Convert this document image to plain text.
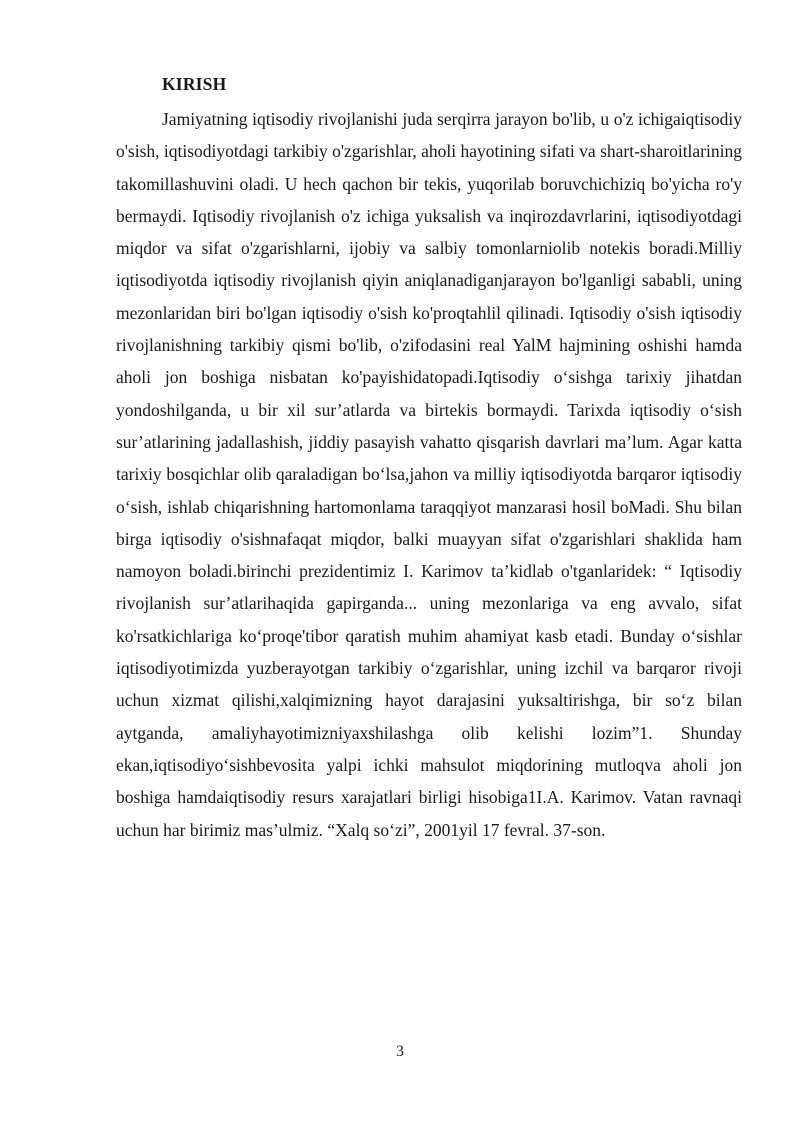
KIRISH

Jamiyatning iqtisodiy rivojlanishi juda serqirra jarayon bo'lib, u o'z ichigaiqtisodiy o'sish, iqtisodiyotdagi tarkibiy o'zgarishlar, aholi hayotining sifati va shart-sharoitlarining takomillashuvini oladi. U hech qachon bir tekis, yuqorilab boruvchichiziq bo'yicha ro'y bermaydi. Iqtisodiy rivojlanish o'z ichiga yuksalish va inqirozdavrlarini, iqtisodiyotdagi miqdor va sifat o'zgarishlarni, ijobiy va salbiy tomonlarniolib notekis boradi.Milliy iqtisodiyotda iqtisodiy rivojlanish qiyin aniqlanadiganjarayon bo'lganligi sababli, uning mezonlaridan biri bo'lgan iqtisodiy o'sish ko'proqtahlil qilinadi. Iqtisodiy o'sish iqtisodiy rivojlanishning tarkibiy qismi bo'lib, o'zifodasini real YalM hajmining oshishi hamda aholi jon boshiga nisbatan ko'payishidatopadi.Iqtisodiy o‘sishga tarixiy jihatdan yondoshilganda, u bir xil sur’atlarda va birtekis bormaydi. Tarixda iqtisodiy o‘sish sur’atlarining jadallashish, jiddiy pasayish vahatto qisqarish davrlari ma’lum. Agar katta tarixiy bosqichlar olib qaraladigan bo‘lsa,jahon va milliy iqtisodiyotda barqaror iqtisodiy o‘sish, ishlab chiqarishning hartomonlama taraqqiyot manzarasi hosil boMadi. Shu bilan birga iqtisodiy o'sishnafaqat miqdor, balki muayyan sifat o'zgarishlari shaklida ham namoyon boladi.birinchi prezidentimiz I. Karimov ta’kidlab o'tganlaridek: “ Iqtisodiy rivojlanish sur’atlarihaqida gapirganda... uning mezonlariga va eng avvalo, sifat ko'rsatkichlariga ko‘proqe'tibor qaratish muhim ahamiyat kasb etadi. Bunday o‘sishlar iqtisodiyotimizda yuzberayotgan tarkibiy o‘zgarishlar, uning izchil va barqaror rivoji uchun xizmat qilishi,xalqimizning hayot darajasini yuksaltirishga, bir so‘z bilan aytganda, amaliyhayotimizniyaxshilashga olib kelishi lozim”1. Shunday ekan,iqtisodiyo‘sishbevosita yalpi ichki mahsulot miqdorining mutloqva aholi jon boshiga hamdaiqtisodiy resurs xarajatlari birligi hisobiga1I.A. Karimov. Vatan ravnaqi uchun har birimiz mas’ulmiz. “Xalq so‘zi”, 2001yil 17 fevral. 37-son.

3
